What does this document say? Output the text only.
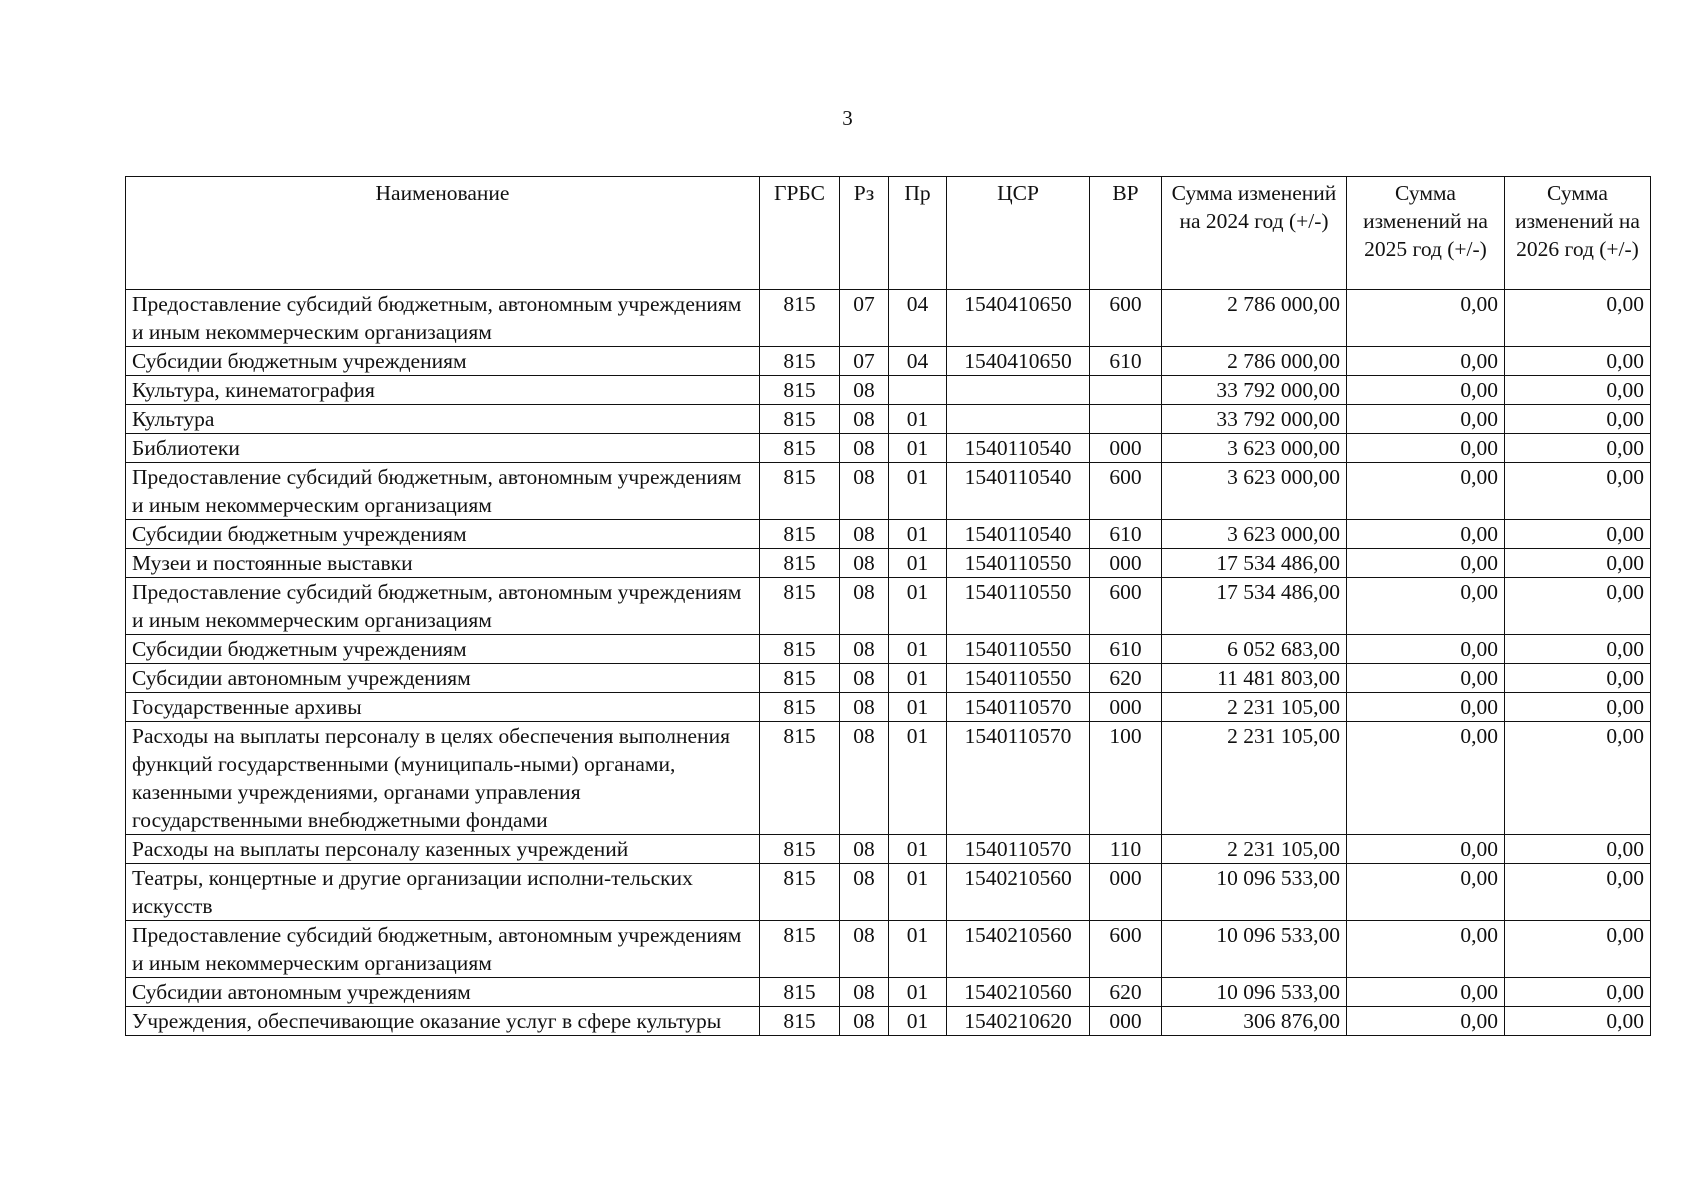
3
Наименование	ГРБС	Рз	Пр	ЦСР	ВР	Сумма изменений на 2024 год (+/-)	Сумма изменений на 2025 год (+/-)	Сумма изменений на 2026 год (+/-)
Предоставление субсидий бюджетным, автономным учреждениям и иным некоммерческим организациям	815	07	04	1540410650	600	2 786 000,00	0,00	0,00
Субсидии бюджетным учреждениям	815	07	04	1540410650	610	2 786 000,00	0,00	0,00
Культура, кинематография	815	08				33 792 000,00	0,00	0,00
Культура	815	08	01			33 792 000,00	0,00	0,00
Библиотеки	815	08	01	1540110540	000	3 623 000,00	0,00	0,00
Предоставление субсидий бюджетным, автономным учреждениям и иным некоммерческим организациям	815	08	01	1540110540	600	3 623 000,00	0,00	0,00
Субсидии бюджетным учреждениям	815	08	01	1540110540	610	3 623 000,00	0,00	0,00
Музеи и постоянные выставки	815	08	01	1540110550	000	17 534 486,00	0,00	0,00
Предоставление субсидий бюджетным, автономным учреждениям и иным некоммерческим организациям	815	08	01	1540110550	600	17 534 486,00	0,00	0,00
Субсидии бюджетным учреждениям	815	08	01	1540110550	610	6 052 683,00	0,00	0,00
Субсидии автономным учреждениям	815	08	01	1540110550	620	11 481 803,00	0,00	0,00
Государственные архивы	815	08	01	1540110570	000	2 231 105,00	0,00	0,00
Расходы на выплаты персоналу в целях обеспечения выполнения функций государственными (муниципаль-ными) органами, казенными учреждениями, органами управления государственными внебюджетными фондами	815	08	01	1540110570	100	2 231 105,00	0,00	0,00
Расходы на выплаты персоналу казенных учреждений	815	08	01	1540110570	110	2 231 105,00	0,00	0,00
Театры, концертные и другие организации исполни-тельских искусств	815	08	01	1540210560	000	10 096 533,00	0,00	0,00
Предоставление субсидий бюджетным, автономным учреждениям и иным некоммерческим организациям	815	08	01	1540210560	600	10 096 533,00	0,00	0,00
Субсидии автономным учреждениям	815	08	01	1540210560	620	10 096 533,00	0,00	0,00
Учреждения, обеспечивающие оказание услуг в сфере культуры	815	08	01	1540210620	000	306 876,00	0,00	0,00
